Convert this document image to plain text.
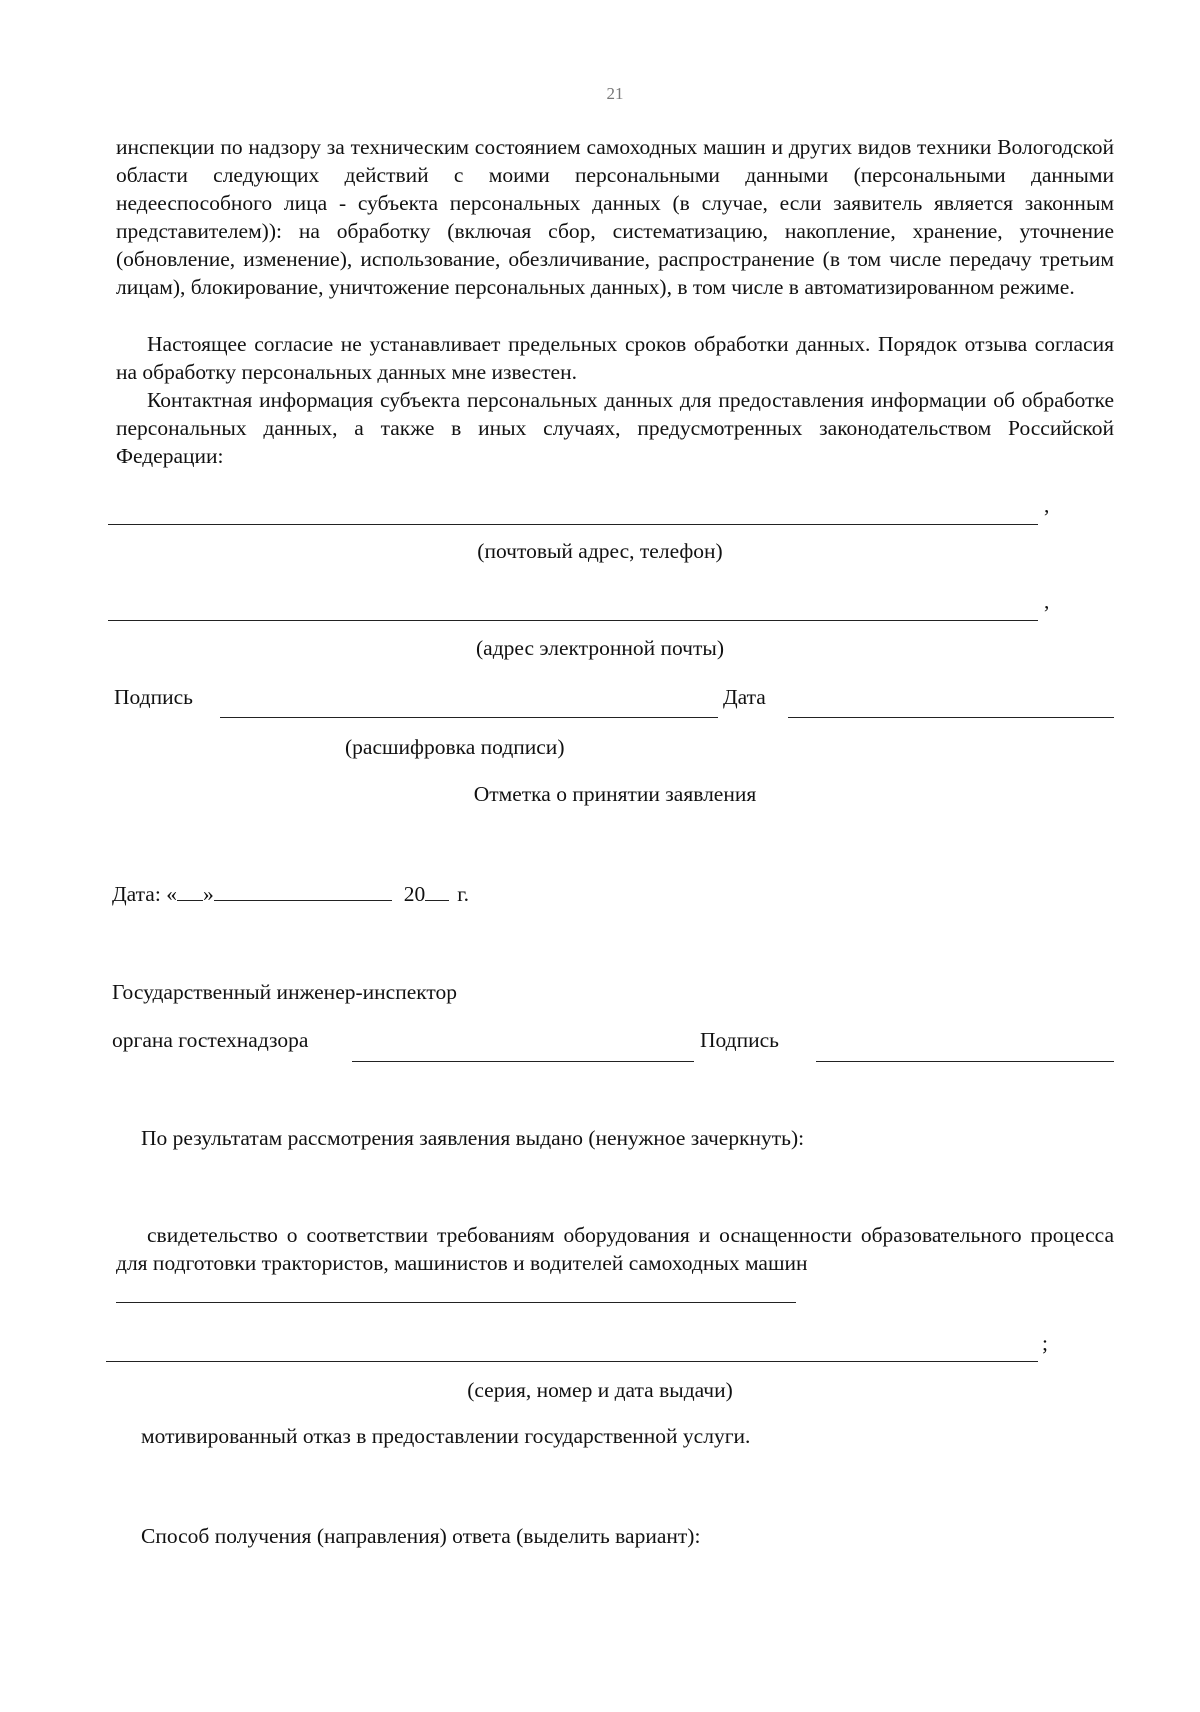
21
инспекции по надзору за техническим состоянием самоходных машин и других видов техники Вологодской области следующих действий с моими персональными данными (персональными данными недееспособного лица - субъекта персональных данных (в случае, если заявитель является законным представителем)): на обработку (включая сбор, систематизацию, накопление, хранение, уточнение (обновление, изменение), использование, обезличивание, распространение (в том числе передачу третьим лицам), блокирование, уничтожение персональных данных), в том числе в автоматизированном режиме.
Настоящее согласие не устанавливает предельных сроков обработки данных. Порядок отзыва согласия на обработку персональных данных мне известен.
Контактная информация субъекта персональных данных для предоставления информации об обработке персональных данных, а также в иных случаях, предусмотренных законодательством Российской Федерации:
,
(почтовый адрес, телефон)
,
(адрес электронной почты)
Подпись	Дата
(расшифровка подписи)
Отметка о принятии заявления
Дата: « »	20 г.
Государственный инженер-инспектор
органа гостехнадзора	Подпись
По результатам рассмотрения заявления выдано (ненужное зачеркнуть):
свидетельство о соответствии требованиям оборудования и оснащенности образовательного процесса для подготовки трактористов, машинистов и водителей самоходных машин
;
(серия, номер и дата выдачи)
мотивированный отказ в предоставлении государственной услуги.
Способ получения (направления) ответа (выделить вариант):
